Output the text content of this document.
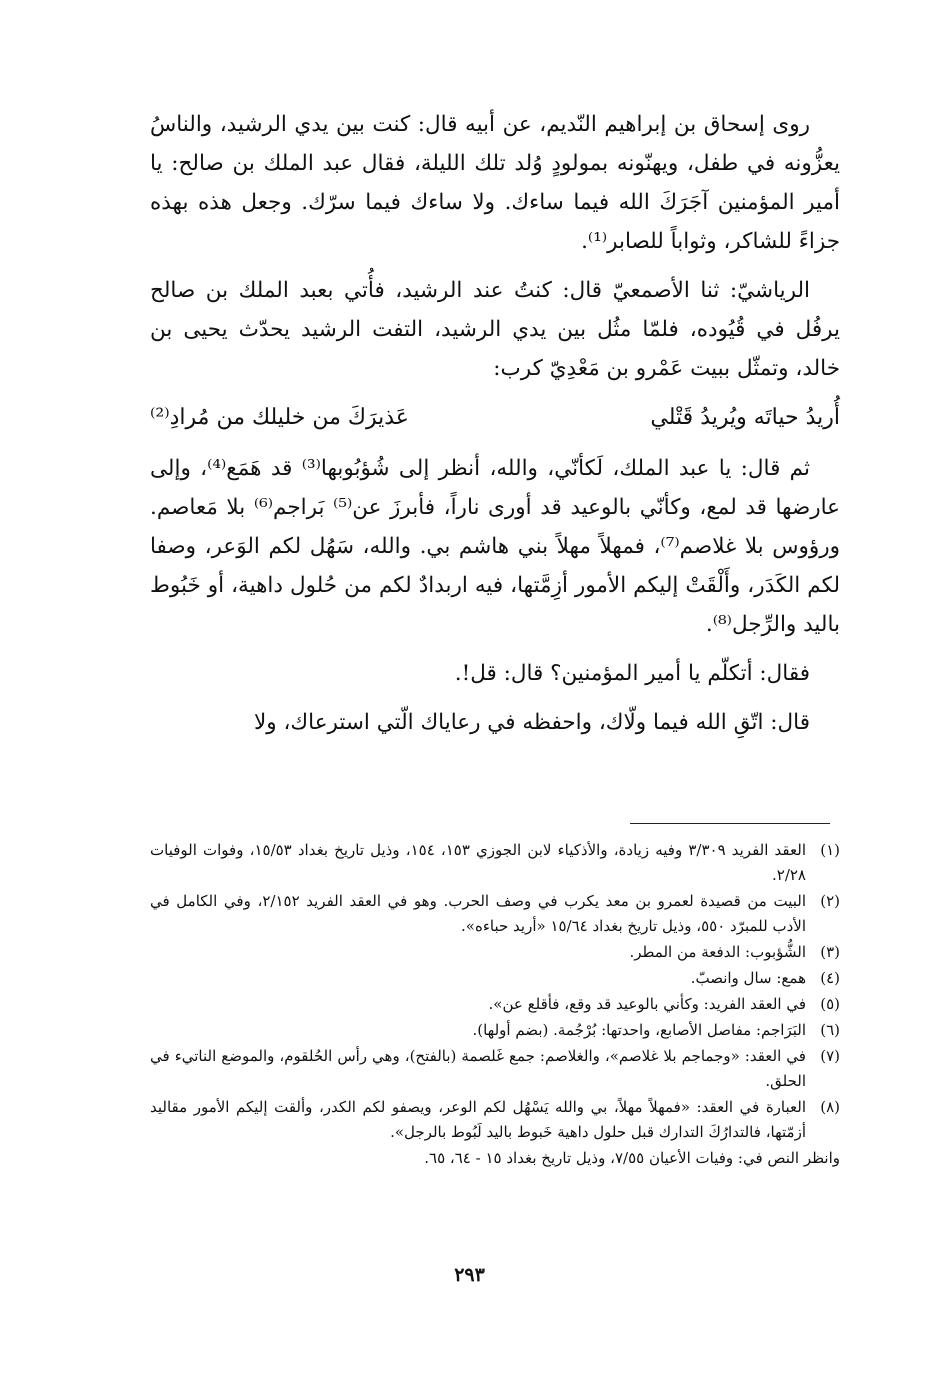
روى إسحاق بن إبراهيم النّديم، عن أبيه قال: كنت بين يدي الرشيد، والناسُ يعزُّونه في طفل، ويهنّونه بمولودٍ وُلد تلك الليلة، فقال عبد الملك بن صالح: يا أمير المؤمنين آجَرَكَ الله فيما ساءك. ولا ساءك فيما سرّك. وجعل هذه بهذه جزاءً للشاكر، وثواباً للصابر⁽¹⁾.

الرياشيّ: ثنا الأصمعيّ قال: كنتُ عند الرشيد، فأُتي بعبد الملك بن صالح يرفُل في قُيُوده، فلمّا مثُل بين يدي الرشيد، التفت الرشيد يحدّث يحيى بن خالد، وتمثّل ببيت عَمْرو بن مَعْدِيّ كرب:

أُريدُ حياتَه ويُريدُ قَتْلي
عَذيرَكَ من خليلك من مُرادِ⁽²⁾

ثم قال: يا عبد الملك، لَكأنّي، والله، أنظر إلى شُؤبُوبها⁽³⁾ قد هَمَع⁽⁴⁾، وإلى عارضها قد لمع، وكأنّي بالوعيد قد أورى ناراً، فأبرزَ عن⁽⁵⁾ بَراجم⁽⁶⁾ بلا مَعاصم. ورؤوس بلا غلاصم⁽⁷⁾، فمهلاً مهلاً بني هاشم بي. والله، سَهُل لكم الوَعر، وصفا لكم الكَدَر، وأَلْقَتْ إليكم الأمور أزِمَّتها، فيه اربدادٌ لكم من حُلول داهية، أو خَبُوط باليد والرِّجل⁽⁸⁾.

فقال: أتكلّم يا أمير المؤمنين؟ قال: قل!.

قال: اتّقِ الله فيما ولّاك، واحفظه في رعاياك الّتي استرعاك، ولا

(١)
العقد الفريد ٣/٣٠٩ وفيه زيادة، والأذكياء لابن الجوزي ١٥٣، ١٥٤، وذيل تاريخ بغداد ١٥/٥٣، وفوات الوفيات ٢/٢٨.
(٢)
البيت من قصيدة لعمرو بن معد يكرب في وصف الحرب. وهو في العقد الفريد ٢/١٥٢، وفي الكامل في الأدب للمبرّد ٥٥٠، وذيل تاريخ بغداد ١٥/٦٤ «أريد حباءه».
(٣)
الشُّؤبوب: الدفعة من المطر.
(٤)
همع: سال وانصبّ.
(٥)
في العقد الفريد: وكأني بالوعيد قد وقع، فأقلع عن».
(٦)
البَرَاجم: مفاصل الأصابع، واحدتها: بُرْجُمة. (بضم أولها).
(٧)
في العقد: «وجماجم بلا غلاصم»، والغلاصم: جمع غَلصمة (بالفتح)، وهي رأس الحُلقوم، والموضع الناتيء في الحلق.
(٨)
العبارة في العقد: «فمهلاً مهلاً، بي والله يَسْهُل لكم الوعر، ويصفو لكم الكدر، وألقت إليكم الأمور مقاليد أزمّتها، فالتدارُكَ التدارك قبل حلول داهية خَبوط باليد لَبُوط بالرجل».
وانظر النص في: وفيات الأعيان ٧/٥٥، وذيل تاريخ بغداد ١٥ - ٦٤، ٦٥.
٢٩٣
